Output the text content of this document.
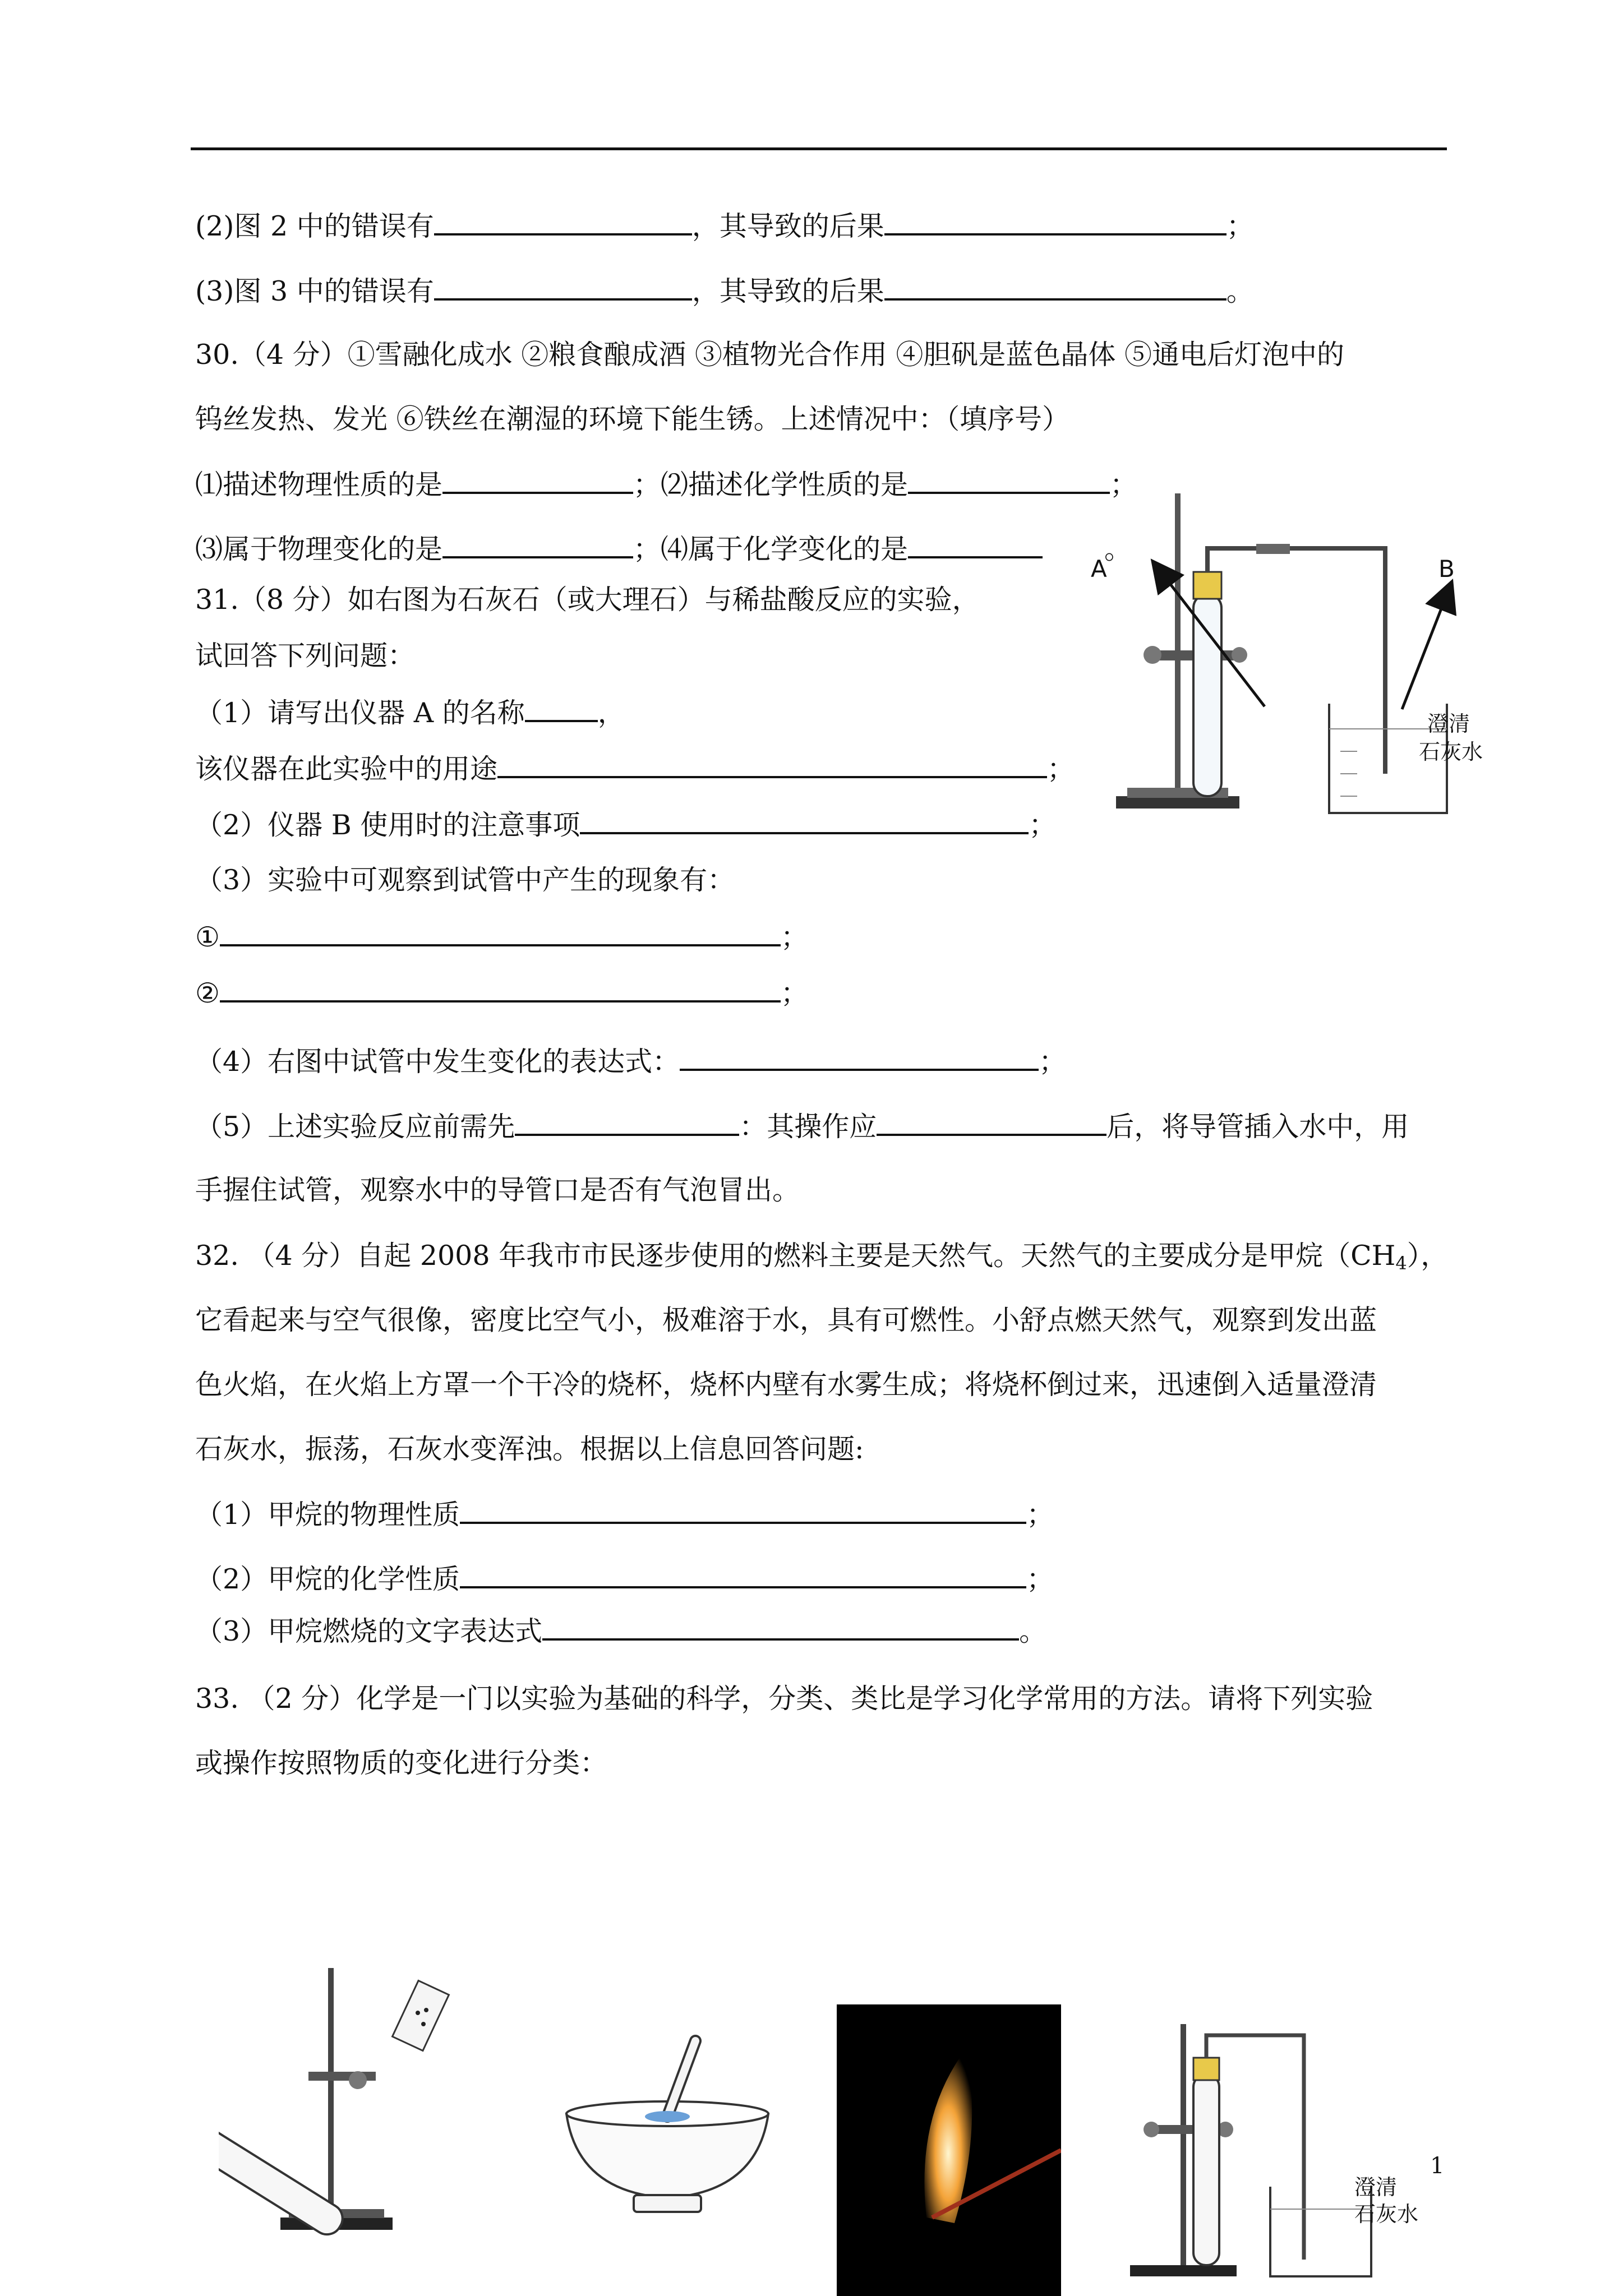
(2)图 2 中的错误有	，其导致的后果	；
(3)图 3 中的错误有	，其导致的后果	。
30.（4 分）①雪融化成水 ②粮食酿成酒 ③植物光合作用 ④胆矾是蓝色晶体 ⑤通电后灯泡中的
钨丝发热、发光 ⑥铁丝在潮湿的环境下能生锈。上述情况中：（填序号）
⑴描述物理性质的是	；⑵描述化学性质的是	；
⑶属于物理变化的是	；⑷属于化学变化的是	。
31.（8 分）如右图为石灰石（或大理石）与稀盐酸反应的实验，
试回答下列问题：
（1）请写出仪器 A 的名称	，
该仪器在此实验中的用途	；
（2）仪器 B 使用时的注意事项	；
（3）实验中可观察到试管中产生的现象有：
①	；
②	；
（4）右图中试管中发生变化的表达式：	；
（5）上述实验反应前需先	：其操作应	后，将导管插入水中，用
手握住试管，观察水中的导管口是否有气泡冒出。
A	B
澄清
石灰水
32. （4 分）自起 2008 年我市市民逐步使用的燃料主要是天然气。天然气的主要成分是甲烷$(CH_4)$，
它看起来与空气很像，密度比空气小，极难溶于水，具有可燃性。小舒点燃天然气，观察到发出蓝
色火焰，在火焰上方罩一个干冷的烧杯，烧杯内壁有水雾生成；将烧杯倒过来，迅速倒入适量澄清
石灰水，振荡，石灰水变浑浊。根据以上信息回答问题:
（1）甲烷的物理性质	；
（2）甲烷的化学性质	；
（3）甲烷燃烧的文字表达式	。
33. （2 分）化学是一门以实验为基础的科学，分类、类比是学习化学常用的方法。请将下列实验
或操作按照物质的变化进行分类：
澄清
石灰水
1
